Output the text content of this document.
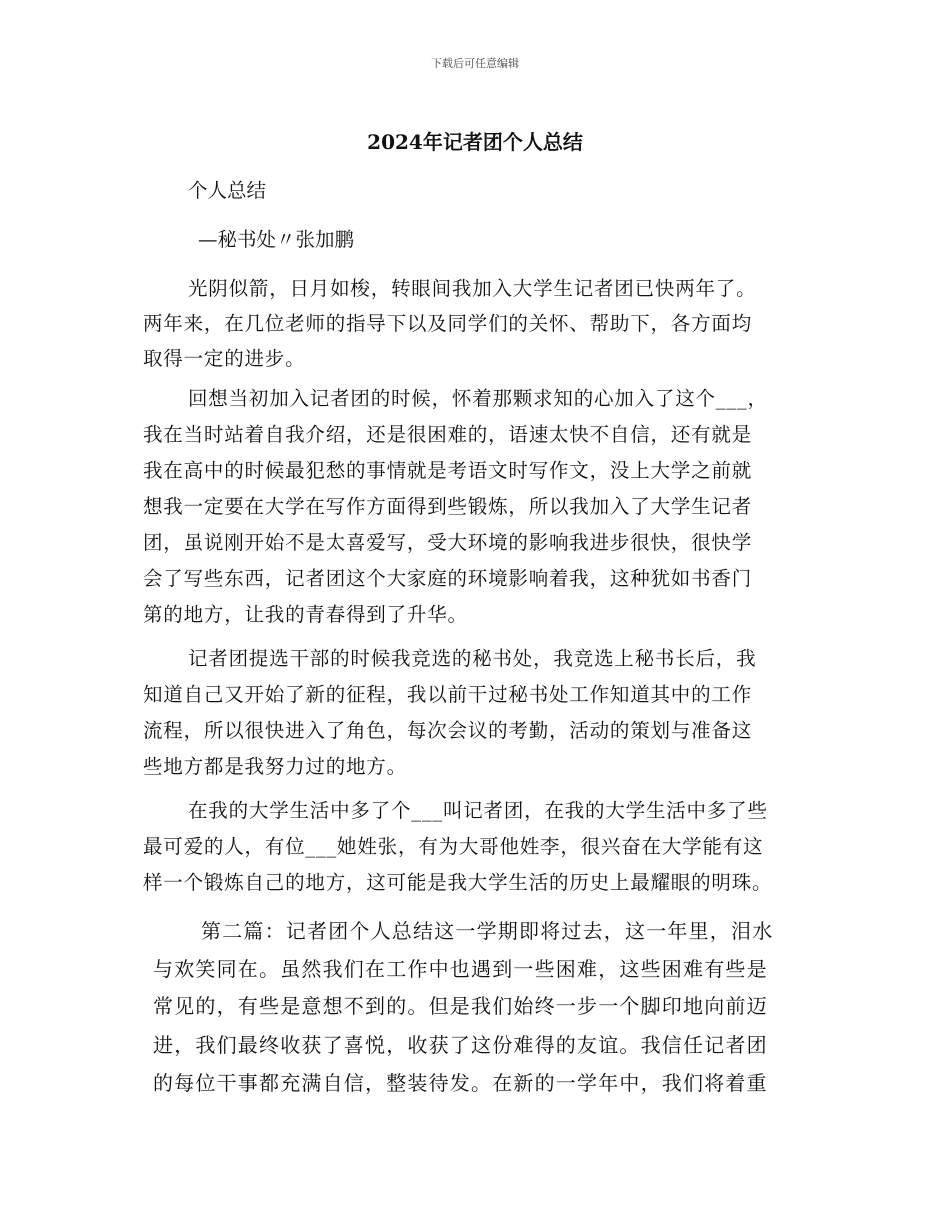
下载后可任意编辑
2024年记者团个人总结
个人总结
—秘书处〃张加鹏
光阴似箭，日月如梭，转眼间我加入大学生记者团已快两年了。
两年来，在几位老师的指导下以及同学们的关怀、帮助下，各方面均
取得一定的进步。
回想当初加入记者团的时候，怀着那颗求知的心加入了这个___，
我在当时站着自我介绍，还是很困难的，语速太快不自信，还有就是
我在高中的时候最犯愁的事情就是考语文时写作文，没上大学之前就
想我一定要在大学在写作方面得到些锻炼，所以我加入了大学生记者
团，虽说刚开始不是太喜爱写，受大环境的影响我进步很快，很快学
会了写些东西，记者团这个大家庭的环境影响着我，这种犹如书香门
第的地方，让我的青春得到了升华。
记者团提选干部的时候我竞选的秘书处，我竞选上秘书长后，我
知道自己又开始了新的征程，我以前干过秘书处工作知道其中的工作
流程，所以很快进入了角色，每次会议的考勤，活动的策划与准备这
些地方都是我努力过的地方。
在我的大学生活中多了个___叫记者团，在我的大学生活中多了些
最可爱的人，有位___她姓张，有为大哥他姓李，很兴奋在大学能有这
样一个锻炼自己的地方，这可能是我大学生活的历史上最耀眼的明珠。
第二篇：记者团个人总结这一学期即将过去，这一年里，泪水
与欢笑同在。虽然我们在工作中也遇到一些困难，这些困难有些是
常见的，有些是意想不到的。但是我们始终一步一个脚印地向前迈
进，我们最终收获了喜悦，收获了这份难得的友谊。我信任记者团
的每位干事都充满自信，整装待发。在新的一学年中，我们将着重
